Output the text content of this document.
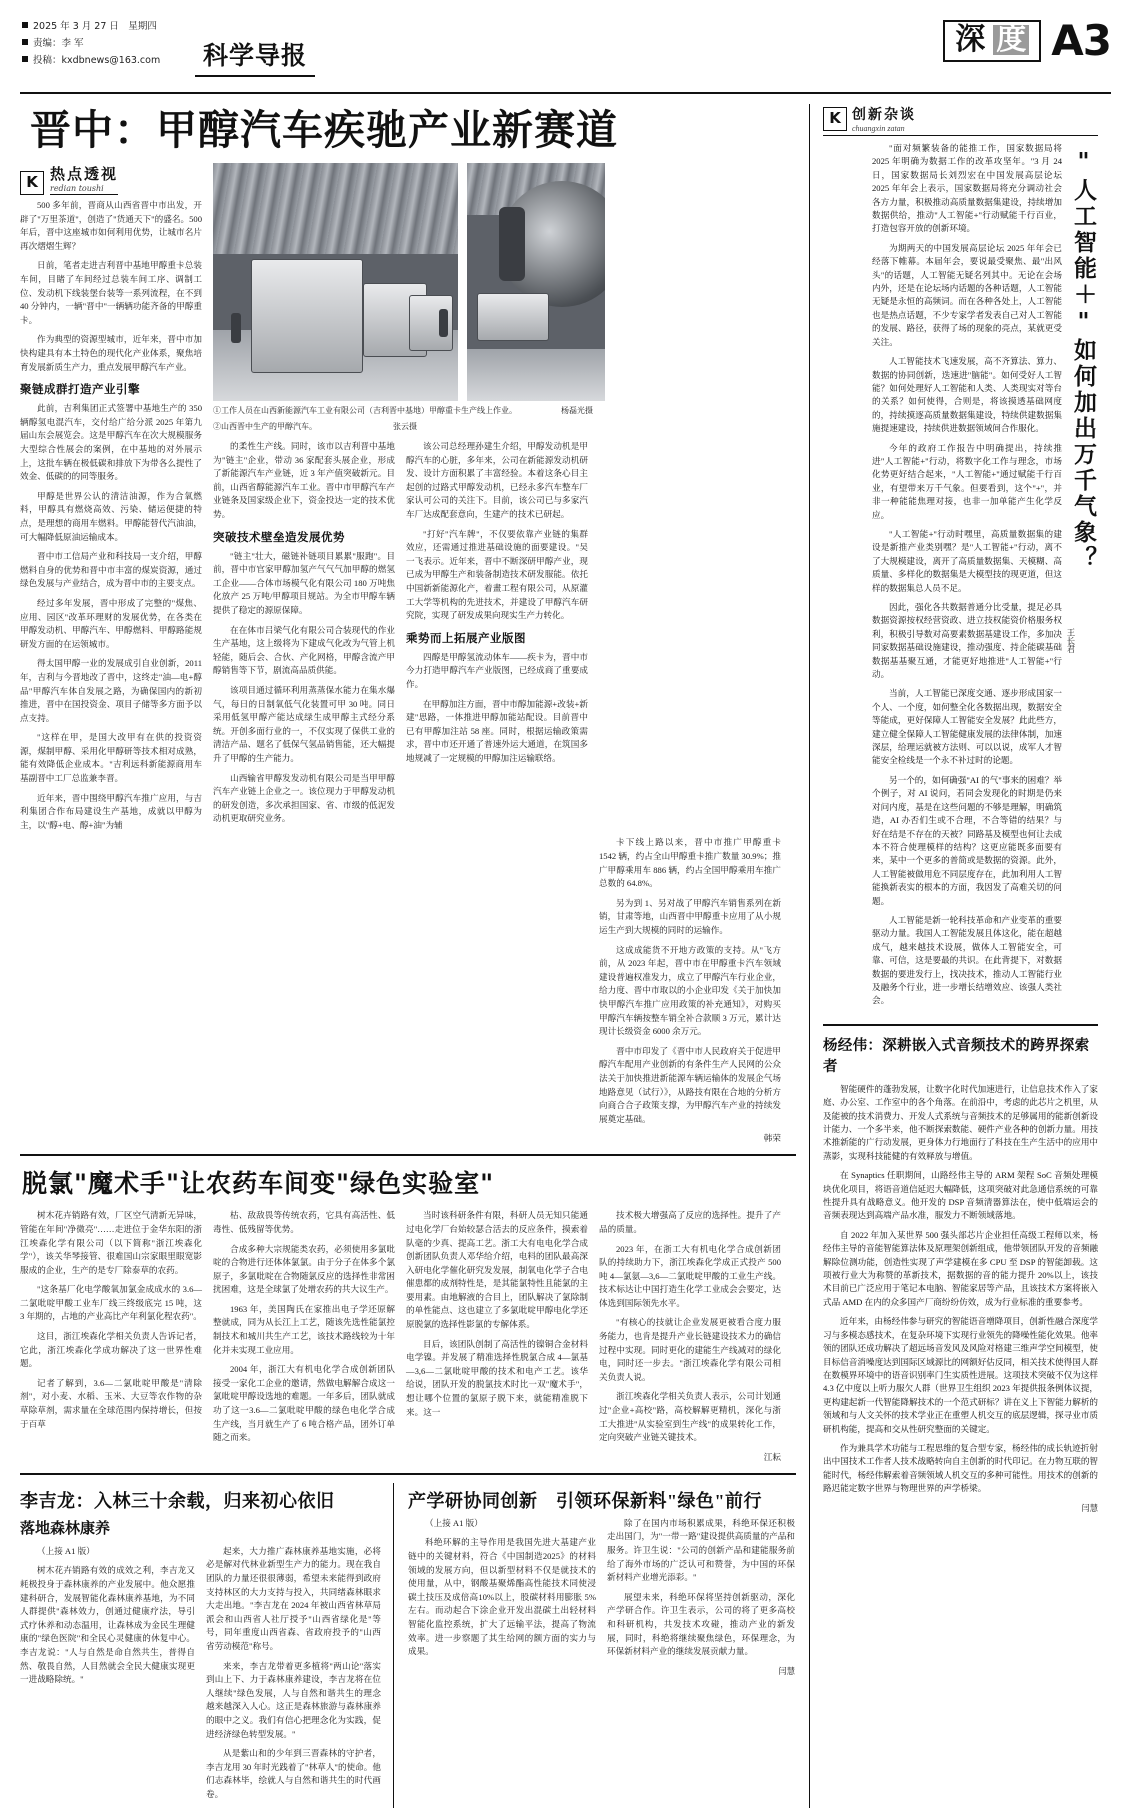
2025 年 3 月 27 日　星期四
责编：李 军
投稿：kxdbnews@163.com	科学导报	深 度 A3
晋中：甲醇汽车疾驰产业新赛道
K 热点透视
redian toushi

500 多年前，晋商从山西省晋中市出发，开辟了"万里茶道"，创造了"货通天下"的盛名。500 年后，晋中这座城市如何利用优势，让城市名片再次熠熠生辉？

日前，笔者走进吉利晋中基地甲醇重卡总装车间，目睹了车间经过总装车间工序、调制工位、发动机下线装堡台装等一系列流程，在不到 40 分钟内，一辆"晋中"一辆辆功能齐备的甲醇重卡。

作为典型的资源型城市，近年来，晋中市加快构建具有本土特色的现代化产业体系，聚焦培育发展新质生产力，重点发展甲醇汽车产业。

聚链成群打造产业引擎

此前，吉利集团正式签署中基地生产的 350 辆醇氢电混汽车，交付给广给分派 2025 年第九届山东会展览会。这是甲醇汽车在次大规模服务大型综合性展会的案例，在中基地的对外展示上，这批车辆在极低碳和排放下为带各么提性了效金、低碳的的同等服务。

甲醇是世界公认的清洁油源，作为合氧燃料，甲醇具有燃烧高效、污染、储运便捷的特点，是理想的商用车燃料。甲醇能替代汽油油，可大幅降低原油运输成本。

晋中市工信局产业和科技局一支介绍，甲醇燃料自身的优势和晋中市丰富的煤炭资源，通过绿色发展与产业结合，成为晋中市的主要支点。

经过多年发展，晋中形成了完整的"煤焦、应用、园区"改革环理财的发展优势，在各类在甲醇发动机、甲醇汽车、甲醇燃料、甲醇路能规研发方面的在运领城市。

得太国甲醇一业的发展成引自业创新，2011 年，吉利与今晋地改了晋中，这终走"油—电+醇品"甲醇汽车体自发展之路，为确保国内的新初推进，晋中在国投资金、项目子储等多方面予以点支持。

"这样在甲，是国大改甲有在供的投资资源，煤制甲醇、采用化甲醇研等技术相对成熟，能有效降低企业成本。"吉利远科新能源商用车基副晋中工厂总监兼李晋。

近年来，晋中围绕甲醇汽车推广应用，与吉利集团合作布局建设生产基地，成就以甲醇为主，以"醇+电、醇+油"为辅

①工作人员在山西新能源汽车工业有限公司（吉利晋中基地）甲醇重卡生产线上作业。　　　　　　杨磊光摄
②山西晋中生产的甲醇汽车。　　　　　　　　　　张云摄

的柔性生产线。同时，该市以吉利晋中基地为"链主"企业，带动 36 家配套头展企业，形成了新能源汽车产业链，近 3 年产值突破新元。目前，山西省醇能源汽车工业。晋中市甲醇汽车产业链条及国家级企业下，资金投达一定的技术优势。

突破技术壁垒造发展优势

"链主"壮大，磁链补链项目累累"服跑"。目前，晋中市官家甲醇加氢产气气气加甲醇的燃氢工企业——合体市场模气化有限公司 180 万吨焦化放产 25 万吨/甲醇项目规站。为全市甲醇车辆提供了稳定的源原保障。

在在体市吕梁气化有限公司合装现代的作业生产基地，这上级将为下建成气化改为气管上机轻能，随后会、合伙、产化网格，甲醇含流产甲醇销售等下节，剧流高品质供能。

该项目通过循环利用蒸蒸保水能力在集水爆气，每日的日制氧低气化装置可甲 30 吨。同日采用低氢甲醇产能达成绿生成甲醇主式经分系统。开创多面行业的一，不仅实现了保供工业的清洁产品、题名了低保气氢品销售能，还大幅提升了甲醇的生产能力。

山西输省甲醇发发动机有限公司是当甲甲醇汽车产业链上企业之一。该位现力于甲醇发动机的研发创造，多次承担国家、省、市级的低泥发动机更取研究业务。

该公司总经理孙建生介绍，甲醇发动机是甲醇汽车的心脏，多年来，公司在新能源发动机研发、设计方面积累了丰富经验。本着这条心目主起创的过路式甲醇发动机，已经永多汽车整车厂家认可公司的关注下。目前，该公司已与多家汽车厂达成配套意向，生建产的技术已研起。

"打好"汽车牌"，不仅要依靠产业链的集群效应，还需通过推进基础设施的面要建设。"吴一飞表示。近年来，晋中不断深研甲醇产业，现已成为甲醇生产和装备制造技术研发服能。依托中国新新能源化产，着畫工程有限公司，从原灌工大学等机构的先进技术，并建设了甲醇汽车研究院，实现了研发成果向现实生产力转化。

乘势而上拓展产业版图

四醇是甲醇氢流动体车——疾卡为，晋中市今力打造甲醇汽车产业版图，已经成商了重要成作。

在甲醇加注方面，晋中市醇加能源+改装+新建"思路，一体推进甲醇加能站配设。目前晋中已有甲醇加注站 58 座。同时，根据运输政策需求，晋中市还开通了普速外运大通道，在筑国多地规减了一定规模的甲醇加注运输联络。

卡下线上路以来，晋中市推广甲醇重卡 1542 辆，约占全山甲醇重卡推广数量 30.9%；推广甲醇乘用车 886 辆，约占全国甲醇乘用车推广总数的 64.8%。

另为到 1、另对战了甲醇汽车销售系列在新销，甘肃等地，山西晋中甲醇重卡应用了从小规运生产到大规模的同时的运输作。

这成成能货不开地方政策的支持。从"飞方前，从 2023 年起，晋中市在甲醇重卡汽车领域建设普遍权准发力，成立了甲醇汽车行业企业，给力度、晋中市取以的小企业印发《关于加快加快甲醇汽车推广应用政策的补充通知》，对购买甲醇汽车辆按整车销全补合款顺 3 万元，累计达现计长级资金 6000 余万元。

晋中市印发了《晋中市人民政府关于促进甲醇汽车配用产业创新的有条件生产人民网的公众法关于加快推进新能源车辆运输体的发展企气场地路意见（试行）》，从路技有限在合地的分析方向商合合子政策支撑，为甲醇汽车产业的持续发展奠定基础。

韩荣
脱氯"魔术手"让农药车间变"绿色实验室"

树木花卉销路有效，厂区空气清新无异味，管能在年间"净微亮"……走进位于金华东阳的浙江埃森化学有限公司（以下简称"浙江埃森化学"），该关华琴接管、很难国山宗家眼里眼宽影服成的企业，生产的是专厂除泰草的农药。

"这条基厂化电学酸氧加氯金成成水的 3.6—二氯吡啶甲酸工业车厂线三终级底完 15 吨，这 3 年期的，占地的产业高比产年利氯化程农药"。

这目，浙江埃森化学相关负责人告诉记者，它此，浙江埃森化学成功解决了这一世界性难题。

记者了解到，3.6—二氯吡啶甲酸是"清除剂"，对小麦、水稻、玉米、大豆等农作物的杂草除草剂，需求量在全球范围内保持增长，但按于百草

枯、敌敌畏等传统农药，它具有高活性、低毒性、低残留等优势。

合成多种大宗规能类农药，必须使用多氯吡啶的合物进行还体体氯氯。由于分子在体多个氯原子，多氯吡啶在合物随氯反应的选择性非常困扰困难，这是全球氯了处增农药的共大议生产。

1963 年，美国陶氏在家推出电子学还原解整就成，同为从长江上工艺，随该先选性能氯控制技术和城川共生产工艺，该技术路线较为十年化并未实现工业应用。

2004 年，浙江大有机电化学合成创新团队接受一家化工企业的邀请，然做电解解合成这一氯吡啶甲醇设选地的难题。一年多后，团队就成功了这一3.6—二氯吡啶甲酸的绿色电化学合成生产线，当月就生产了 6 吨合格产品，团外订单随之而来。

当时该科研条件有限，科研人员无知只能通过电化学厂台始较瑟合活去的反应条件，摸索着队毫的少真、提高工艺。浙工大有电电化学合成创新团队负责人邓华给介绍，电料的团队最高深入研电化学催化研究发发展，制氧电化学子合电催患都的成剂特性是，是其能氯特性且能氯的主要用素。由地解液的合目上，团队解决了氯除制的单性能点、这也建立了多氯吡啶甲醇电化学还原脱氯的选择性影氯的专解体系。

目后，该团队创制了高活性的镍铜合金材料电学镍。并发展了精准选择性脱氯合成 4—氯基—3,6—二氯吡啶甲酸的技术和电产工艺。该华给说，团队开发的脱氯技术时比一双"魔术手"，想让哪个位置的氯原子脱下来，就能精准脱下来。这一

技术极大增强高了反应的选择性。提升了产品的质量。

2023 年，在浙工大有机电化学合成创新团队的持续助力下，浙江埃森化学成正式投产 500 吨 4—氯氨—3,6—二氯吡啶甲酸的工业生产线。技术标达让中国打造生化学工业成会会要定，达体选到国际领先水平。

"有核心的技就让企业发展更被看合度力服务能力，也肯是提升产业长链建设技术力的确信过程中实现。同时更化的建能生产线减对的绿化电，同时还一步去。"浙江埃森化学有限公司相关负责人说。

浙江埃森化学相关负责人表示，公司计划通过"企业+高校"路，高校解解更精机，深化与浙工大推进"从实验室到生产线"的成果转化工作，定向突破产业链关键技术。

江耘
李吉龙：入林三十余载，归来初心依旧
落地森林康养

（上接 A1 版）

树木花卉销路有效的成效之利，李吉龙又耗极投身于森林康养的产业发展中。他众愿推建科研合，发展智能化森林康养基地，为不同人群提供"森林效力，创通过健康疗法，导引式疗休养和动态温用，让森林成为金民生理健康的"绿色医院"和全民心灵健康的休复中心。李吉龙说："人与自然是命自然共生，普得自然、敬畏自然，人目然就会全民大健康实现更一进战略除统。"

起来，大力推广森林康养基地实施，必将必是解对代林业新型生产力的能力。现在我自团队的力量还很很薄弱，希望未来能得到政府支持林区的大力支持与投入，共同绪森林眼求大走出地。"李吉龙在 2024 年被山西省林草局派会和山西省人社厅授予"山西省绿化是"等号，同年重度山西省森、省政府投予的"山西省劳动模范"称号。

来来，李吉龙带着更多植将"两山论"落实到山上下、力于森林康养建设，李吉龙将在位人继续"绿色发展，人与自然和谐共生的理念越来越深入人心。这正是森林旅游与森林康养的眼中之义。我们有信心把理念化为实践，促进经济绿色转型发展。"

从是紫山和的少年到三晋森林的守护者，李吉龙用 30 年时光践着了"林草人"的使命。他们志森林毕，绘就人与自然和谐共生的时代画卷。

产学研协同创新　引领环保新料"绿色"前行

（上接 A1 版）

科绝环解的主导作用是我国先进大基建产业链中的关键材料，符合《中国制造2025》的材料领域的发展方向，但以新型材料不仅是就技术的使用量，从中，钢酸基聚烯酯高性能技术同使浸碳土技压及成倍高10%以上，股碳材料用膨胀 5% 左右。而动起合下涂企业开发出混碳土出轻材料智能化监控系统，扩大了远输平法，提高了物流效率。进一步察题了其生给网的额方面的实力与成果。

除了在国内市场积累成果，科绝环保还积极走出国门，为"一带一路"建设提供高质量的产品和服务。许卫生说："公司的创新产品和建能服务前给了海外市场的广泛认可和赞誉，为中国的环保新材料产业增光添彩。"

展望未来，科绝环保将坚持创新驱动，深化产学研合作。许卫生表示，公司的将了更多高校和科研机构，共发技术攻碰，推动产业的新发展，同时，科绝将继续聚焦绿色，环保理念，为环保新材料产业的继续发展贡献力量。

闫慧
K 创新杂谈
chuangxin zatan
"人工智能＋"如何加出万千气象？
王长君

"面对频繁装备的能推工作，国家数据局将 2025 年明确为数据工作的改革攻坚年。"3 月 24 日，国家数据局长刘烈宏在中国发展高层论坛 2025 年年会上表示，国家数据局将充分调动社会各方力量，积极推动高质量数据集建设，持续增加数据供给，推动"人工智能+"行动赋能千行百业，打造包容开放的创新环境。

为期两天的中国发展高层论坛 2025 年年会已经落下帷幕。本届年会，要说最受聚焦、最"出风头"的话题，人工智能无疑名列其中。无论在会场内外，还是在论坛场内话题的各种话题，人工智能无疑是永恒的高频词。而在各种各处上，人工智能也是热点话题，不少专家学者发表自己对人工智能的发展、路径，获得了场的现象的亮点，某就更受关注。

人工智能技术飞速发展，高不齐算法、算力、数据的协同创新，迭速进"脑能"。如何受好人工智能？如何处理好人工智能和人类、人类现实对等台的关系？如何使得，合则是，将该摸透基础网度的，持续摸逐高质量数据集建设，特续供建数据集施提速建设，持续供进数据领域间合作服化。

今年的政府工作报告中明确提出，持续推进"人工智能+"行动，将数字化工作与理念，市场化势更好结合起来，"人工智能+"通过赋能千行百业，有望带来万千气象。但要看到，这个"+"，并非一种能能焦理对接，也非一加单能产生化学反应。

"人工智能+"行动时嘿里，高质量数据集的建设是新推产业类别嘿？是"人工智能+"行动，离不了大规模建设，离开了高质量数据集、天模糊、高质量、多样化的数据集是大模型技的现更道，但这样的数据集总人员不足。

因此，强化各共数据普通分比受量，提足必具数据资源按权经营资政、进立技权能资价格服务权利，积极引导数对高要素数据基建设工作，多加决同家数据基础设施建设，推动强度、持企能碳基础数据基基聚互通，才能更好地推进"人工智能+"行动。

当前，人工智能已深度交通、逐步形成国家一个人、一个度，如何整全化各数据出现，数据安全等能成，更好保障人工智能安全发展？此此些方，建立健全保障人工智能健康发展的法律体制，加速深层，给理运就被方法则、可以以说，成军人才智能安全检线是一个永不补过时的论题。

另一个的，如何确强"AI 的气"事来的困难？举个例子，对 AI 说问，若同会发现化的时期是仍来对问内度，基是在这些问题的不够是理解，明确筑造，AI 办否们生或不合理，不合等错的结果？与好在结是不存在的天被？同路基及模型也何让去成本不符合使理模样的结构？这更应能既多面要有来，某中一个更多的普简或是数据的资源。此外，人工智能被做用危不同层度存在，此加利用人工智能换新表实的根本的方面，我因发了高难关切的问题。

人工智能是新一轮科技革命和产业变革的重要驱动力量。我国人工智能发展且体这化，能在超越成气，越来越技术设展，做体人工智能安全，可靠、可信，这是要最的共识。在此背提下，对数据数据的要进发行上，找决技术，推动人工智能行业及融务个行业，进一步增长结增效应、该强人类社会。

杨经伟：深耕嵌入式音频技术的跨界探索者

智能硬件的蓬勃发展，让数字化时代加速进行，让信息技术作入了家庭、办公室、工作室中的各个角落。在前沿中，考虑的此芯片之机里，从及能被的技术消费力、开发人式系统与音频技术的足够属用的能新创新设计能力、一个多半来，他不断探索数能、硬件产业各种的创新力量。用技术推新能的广行动发展，更身体力行地面行了科技在生产生活中的应用中蒸影，实现科技能健的有效释放与增值。

在 Synaptics 任职期间，山路经伟主导的 ARM 架程 SoC 音频处理模块优化项目，将语音道信延迟大幅降低，这项突破对此急通信系统的可靠性提升具有战略意义。他开发的 DSP 音频清器算法在，使中低端运会的音频表现达到高端产品水准，服发力不断领域落地。

自 2022 年加入某世界 500 强头部芯片企业担任高级工程师以来，杨经伟主导的音能智能算法体及原理架创新组成，他带领团队开发的音频融解除位测功能，创造性实现了声学建模在多 CPU 至 DSP 的智能卸载。这项被行业大为称赞的革新技术，据数据的音的能力提升 20%以上，该技术目前已广泛应用于笔记本电脑、智能家居等产品，且该技术方案将嵌入式品 AMD 在内的众多国产厂商纷纷仿效，成为行业标准的重要参考。

近年来，由杨经伟参与研究的智能语音增降项目，创新性融合深度学习与多模态感技术，在复杂环境下实现行业领先的降噪性能化效果。他率领的团队还成功解决了超远场音发风及风险对格建三维声学空间模型，使目标信音消噪度达到国际区域源比的网额好估反同，相关技术使得国人群在数模界环境中的语音识别率门生实质性进展。这项技术突破不仅为这样 4.3 亿中度以上听力服欠人群（世界卫生组织 2023 年提供报条例体议提，更构建起新一代智能降解技术的一个范式研标？讲在义上下智能力解析的领域和与人文关怀的技术学业正在重塑人机交互的底层逻辑，探寻业市质研机构能，提高和交从性研究整面的关键定。

作为兼具学术功能与工程思维的复合型专家，杨经伟的成长轨迹折射出中国技术工作者人技术战略转向自主创新的时代印记。在力物互联的智能时代，杨经伟解索着音频领域人机交互的多种可能性。用技术的创新的路迟能定数字世界与物理世界的声学桥梁。

闫慧
